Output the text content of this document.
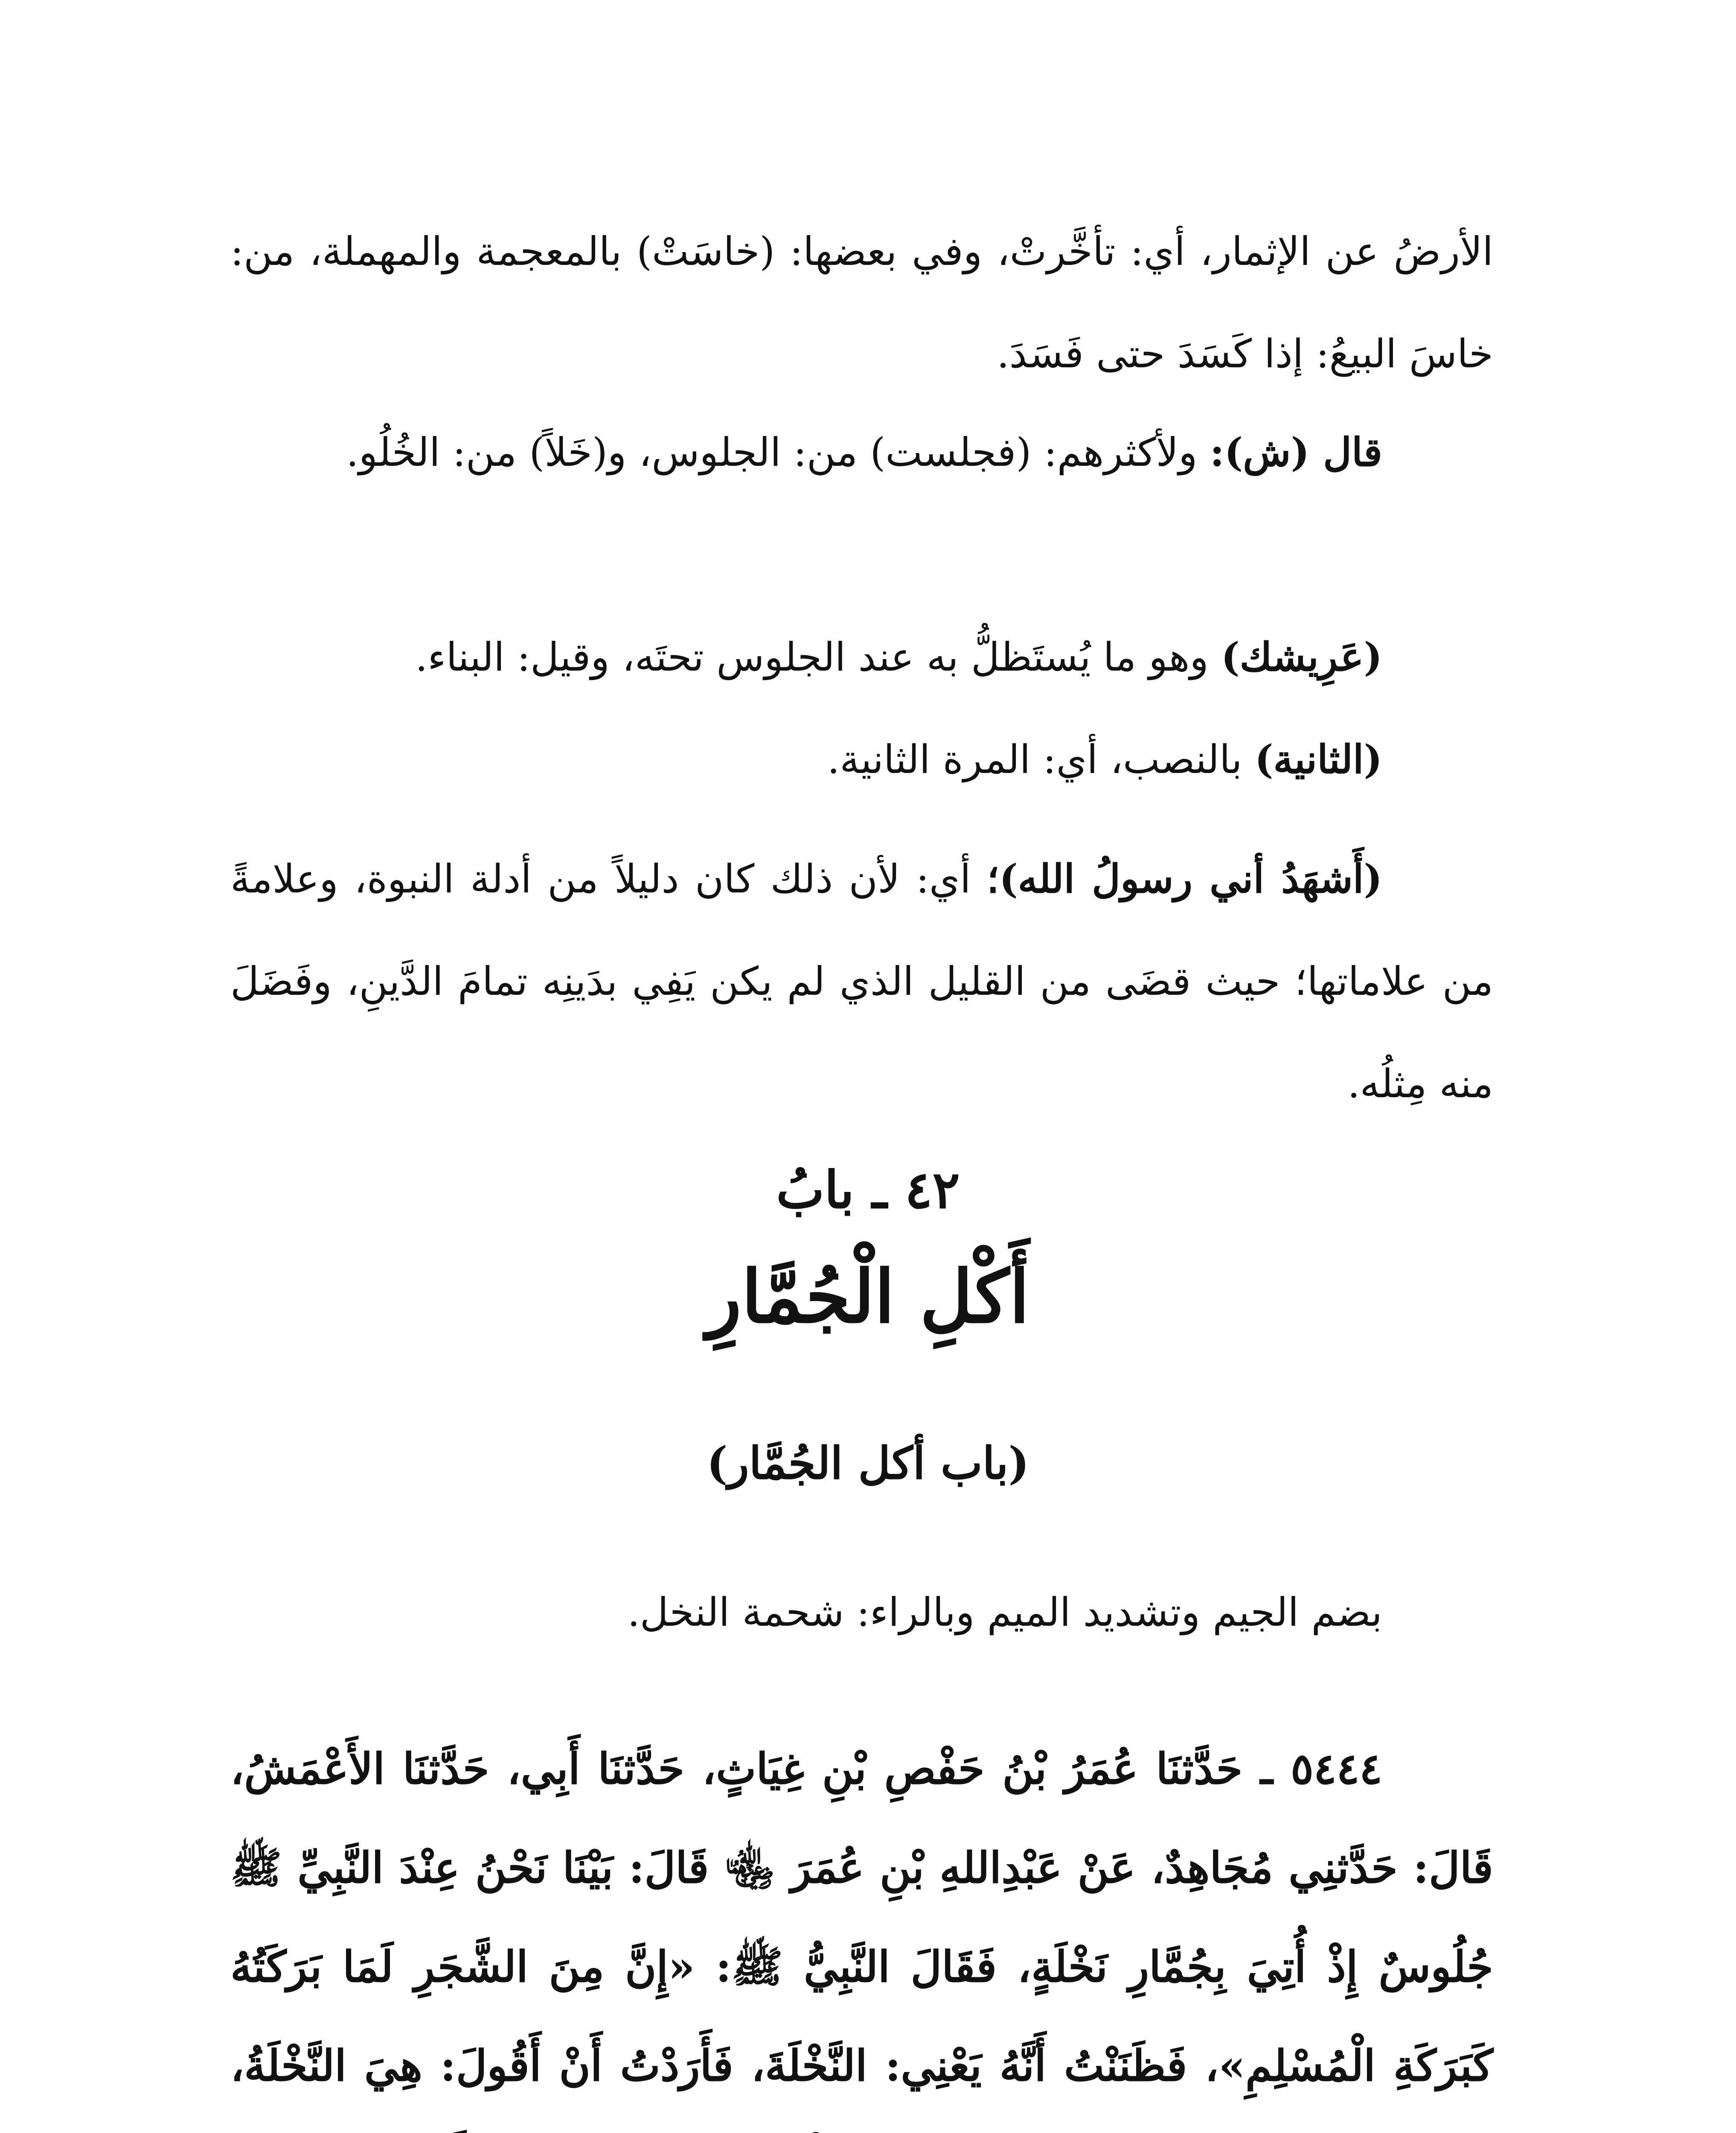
الأرضُ عن الإثمار، أي: تأخَّرتْ، وفي بعضها: (خاسَتْ) بالمعجمة والمهملة، من: خاسَ البيعُ: إذا كَسَدَ حتى فَسَدَ.

قال (ش): ولأكثرهم: (فجلست) من: الجلوس، و(خَلاً) من: الخُلُو.

(عَرِيشك) وهو ما يُستَظلُّ به عند الجلوس تحتَه، وقيل: البناء.

(الثانية) بالنصب، أي: المرة الثانية.

(أَشهَدُ أني رسولُ الله)؛ أي: لأن ذلك كان دليلاً من أدلة النبوة، وعلامةً من علاماتها؛ حيث قضَى من القليل الذي لم يكن يَفِي بدَينِه تمامَ الدَّينِ، وفَضَلَ منه مِثلُه.

٤٢ ـ بابُ
أَكْلِ الْجُمَّارِ
(باب أكل الجُمَّار)

بضم الجيم وتشديد الميم وبالراء: شحمة النخل.

٥٤٤٤ ـ حَدَّثنَا عُمَرُ بْنُ حَفْصِ بْنِ غِيَاثٍ، حَدَّثنَا أَبِي، حَدَّثنَا الأَعْمَشُ، قَالَ: حَدَّثنِي مُجَاهِدٌ، عَنْ عَبْدِاللهِ بْنِ عُمَرَ ﵄ قَالَ: بَيْنَا نَحْنُ عِنْدَ النَّبِيِّ ﷺ جُلُوسٌ إِذْ أُتِيَ بِجُمَّارِ نَخْلَةٍ، فَقَالَ النَّبِيُّ ﷺ: «إِنَّ مِنَ الشَّجَرِ لَمَا بَرَكَتُهُ كَبَرَكَةِ الْمُسْلِمِ»، فَظَنَنْتُ أَنَّهُ يَعْنِي: النَّخْلَةَ، فَأَرَدْتُ أَنْ أَقُولَ: هِيَ النَّخْلَةُ،
